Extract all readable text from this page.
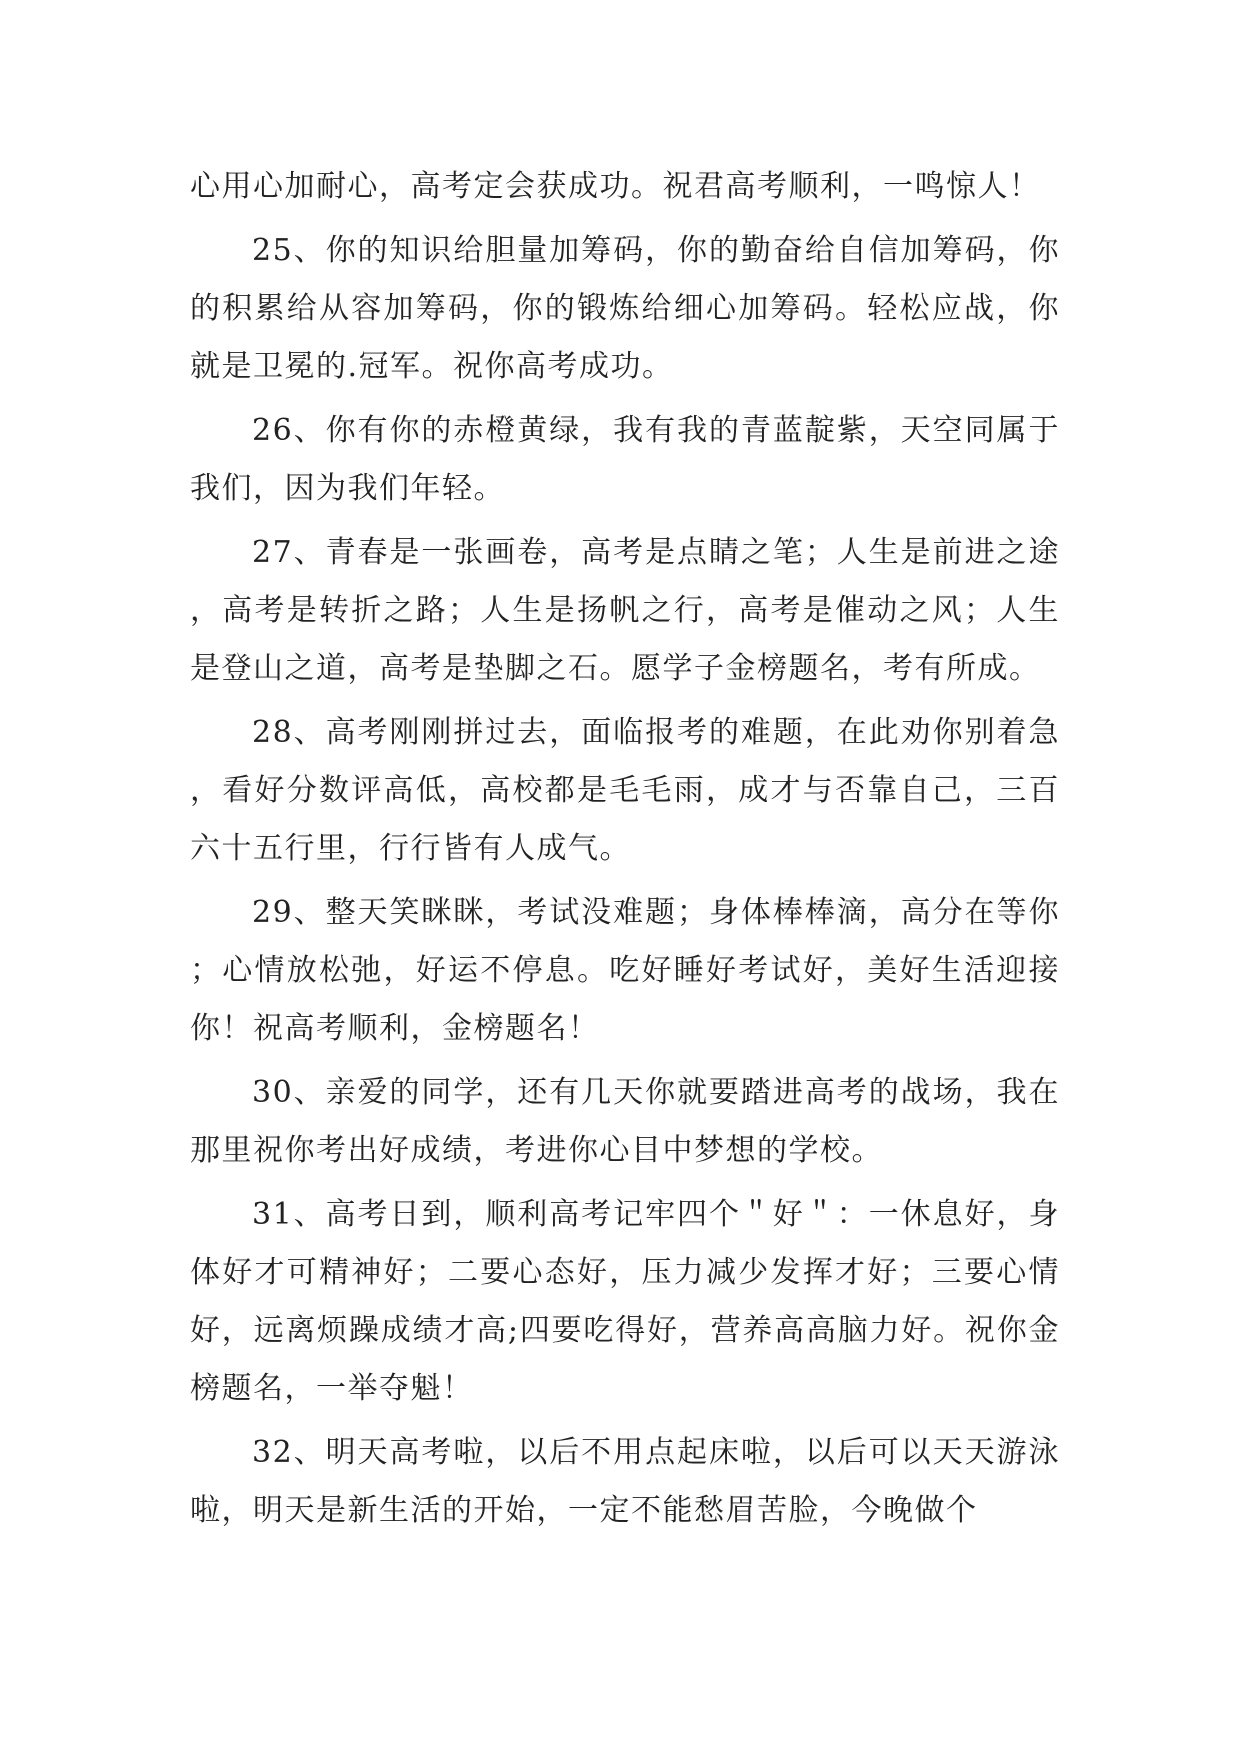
心用心加耐心，高考定会获成功。祝君高考顺利，一鸣惊人！

25、你的知识给胆量加筹码，你的勤奋给自信加筹码，你的积累给从容加筹码，你的锻炼给细心加筹码。轻松应战，你就是卫冕的.冠军。祝你高考成功。

26、你有你的赤橙黄绿，我有我的青蓝靛紫，天空同属于我们，因为我们年轻。

27、青春是一张画卷，高考是点睛之笔；人生是前进之途，高考是转折之路；人生是扬帆之行，高考是催动之风；人生是登山之道，高考是垫脚之石。愿学子金榜题名，考有所成。

28、高考刚刚拼过去，面临报考的难题，在此劝你别着急，看好分数评高低，高校都是毛毛雨，成才与否靠自己，三百六十五行里，行行皆有人成气。

29、整天笑眯眯，考试没难题；身体棒棒滴，高分在等你；心情放松弛，好运不停息。吃好睡好考试好，美好生活迎接你！祝高考顺利，金榜题名！

30、亲爱的同学，还有几天你就要踏进高考的战场，我在那里祝你考出好成绩，考进你心目中梦想的学校。

31、高考日到，顺利高考记牢四个＂好＂：一休息好，身体好才可精神好；二要心态好，压力减少发挥才好；三要心情好，远离烦躁成绩才高;四要吃得好，营养高高脑力好。祝你金榜题名，一举夺魁！

32、明天高考啦，以后不用点起床啦，以后可以天天游泳啦，明天是新生活的开始，一定不能愁眉苦脸，今晚做个
